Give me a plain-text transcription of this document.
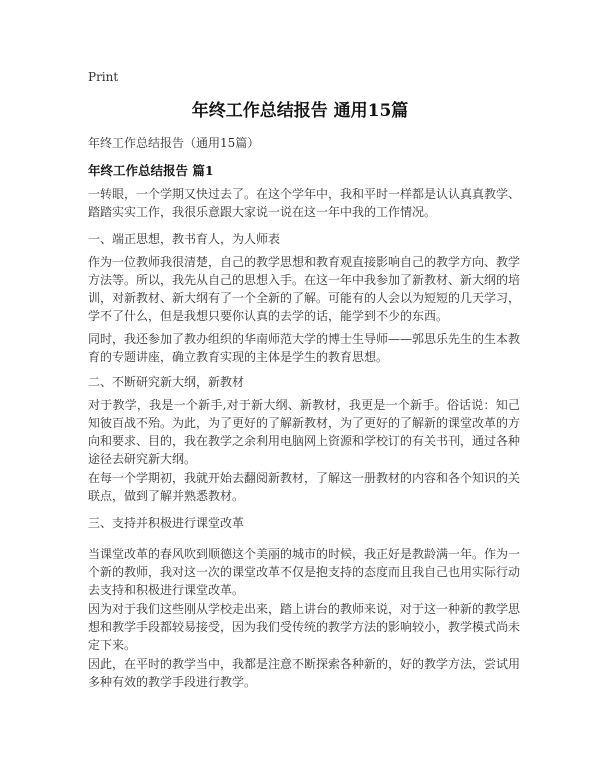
Print
年终工作总结报告 通用15篇
年终工作总结报告（通用15篇）
年终工作总结报告 篇1

一转眼，一个学期又快过去了。在这个学年中，我和平时一样都是认认真真教学、踏踏实实工作，我很乐意跟大家说一说在这一年中我的工作情况。

一、端正思想，教书育人，为人师表

作为一位教师我很清楚，自己的教学思想和教育观直接影响自己的教学方向、教学方法等。所以，我先从自己的思想入手。在这一年中我参加了新教材、新大纲的培训，对新教材、新大纲有了一个全新的了解。可能有的人会以为短短的几天学习，学不了什么，但是我想只要你认真的去学的话，能学到不少的东西。

同时，我还参加了教办组织的华南师范大学的博士生导师——郭思乐先生的生本教育的专题讲座，确立教育实现的主体是学生的教育思想。

二、不断研究新大纲，新教材

对于教学，我是一个新手,对于新大纲、新教材，我更是一个新手。俗话说：知己知彼百战不殆。为此，为了更好的了解新教材，为了更好的了解新的课堂改革的方向和要求、目的，我在教学之余利用电脑网上资源和学校订的有关书刊，通过各种途径去研究新大纲。

在每一个学期初，我就开始去翻阅新教材，了解这一册教材的内容和各个知识的关联点，做到了解并熟悉教材。

三、支持并积极进行课堂改革

当课堂改革的春风吹到顺德这个美丽的城市的时候，我正好是教龄满一年。作为一个新的教师，我对这一次的课堂改革不仅是抱支持的态度而且我自己也用实际行动去支持和积极进行课堂改革。

因为对于我们这些刚从学校走出来，踏上讲台的教师来说，对于这一种新的教学思想和教学手段都较易接受，因为我们受传统的教学方法的影响较小，教学模式尚未定下来。

因此，在平时的教学当中，我都是注意不断探索各种新的，好的教学方法，尝试用多种有效的教学手段进行教学。
